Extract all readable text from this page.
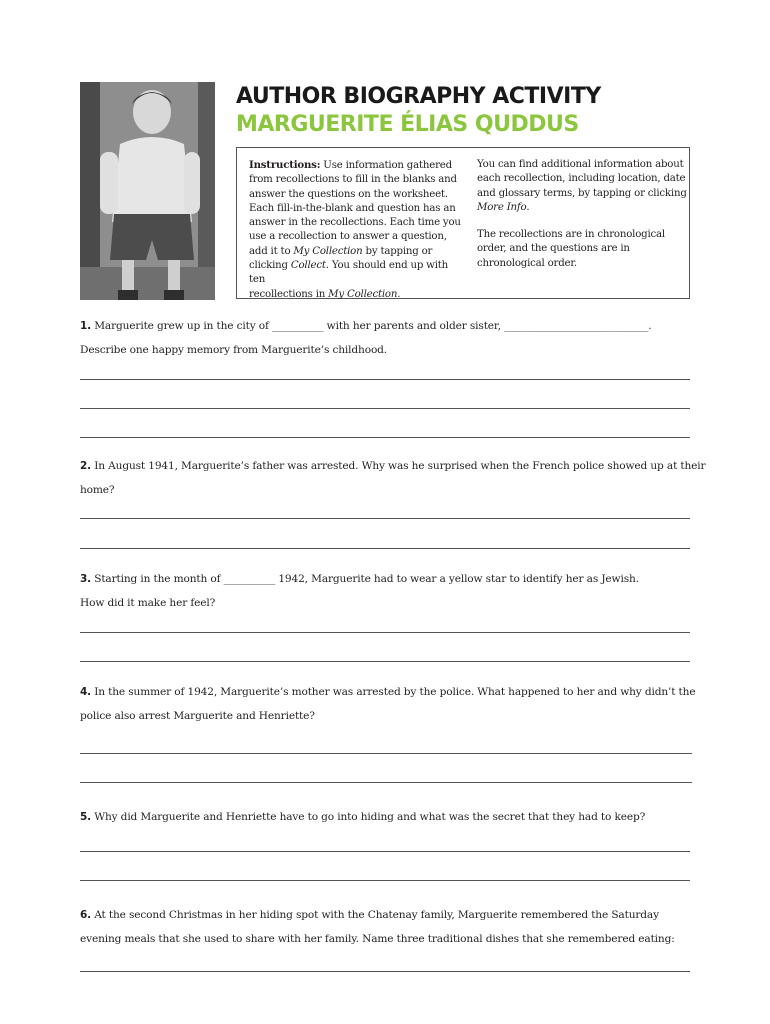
AUTHOR BIOGRAPHY ACTIVITY
MARGUERITE ÉLIAS QUDDUS
Instructions: Use information gathered
from recollections to fill in the blanks and
answer the questions on the worksheet.
Each fill-in-the-blank and question has an
answer in the recollections. Each time you
use a recollection to answer a question,
add it to My Collection by tapping or
clicking Collect. You should end up with ten
recollections in My Collection.

You can find additional information about
each recollection, including location, date
and glossary terms, by tapping or clicking
More Info.

The recollections are in chronological
order, and the questions are in
chronological order.

1. Marguerite grew up in the city of __________ with her parents and older sister, ____________________________.
Describe one happy memory from Marguerite’s childhood.
2. In August 1941, Marguerite’s father was arrested. Why was he surprised when the French police showed up at their
home?
3. Starting in the month of __________ 1942, Marguerite had to wear a yellow star to identify her as Jewish.
How did it make her feel?
4. In the summer of 1942, Marguerite’s mother was arrested by the police. What happened to her and why didn’t the
police also arrest Marguerite and Henriette?
5. Why did Marguerite and Henriette have to go into hiding and what was the secret that they had to keep?
6. At the second Christmas in her hiding spot with the Chatenay family, Marguerite remembered the Saturday
evening meals that she used to share with her family. Name three traditional dishes that she remembered eating:
